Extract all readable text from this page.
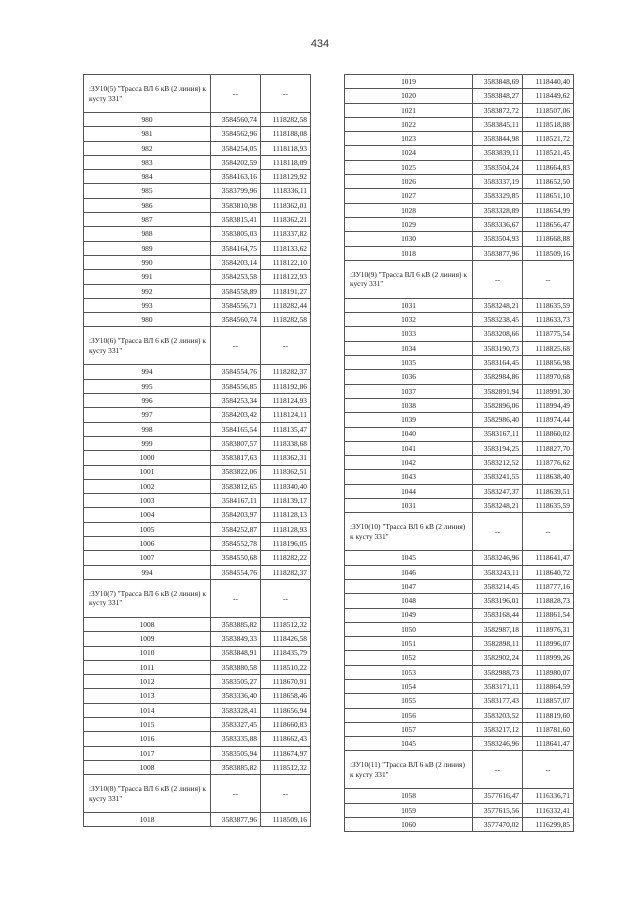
434
:ЗУ10(5) "Трасса ВЛ 6 кВ (2 линия) к кусту 331"	--	--
980	3584560,74	1118282,58
981	3584562,96	1118188,08
982	3584254,05	1118118,93
983	3584202,59	1118118,09
984	3584163,16	1118129,92
985	3583799,96	1118336,11
986	3583810,98	1118362,01
987	3583815,41	1118362,21
988	3583805,03	1118337,82
989	3584164,75	1118133,62
990	3584203,14	1118122,10
991	3584253,58	1118122,93
992	3584558,89	1118191,27
993	3584556,71	1118282,44
980	3584560,74	1118282,58
:ЗУ10(6) "Трасса ВЛ 6 кВ (2 линия) к кусту 331"	--	--
994	3584554,76	1118282,37
995	3584556,85	1118192,86
996	3584253,34	1118124,93
997	3584203,42	1118124,11
998	3584165,54	1118135,47
999	3583807,57	1118338,68
1000	3583817,63	1118362,31
1001	3583822,06	1118362,51
1002	3583812,65	1118340,40
1003	3584167,11	1118139,17
1004	3584203,97	1118128,13
1005	3584252,87	1118128,93
1006	3584552,78	1118196,05
1007	3584550,68	1118282,22
994	3584554,76	1118282,37
:ЗУ10(7) "Трасса ВЛ 6 кВ (2 линия) к кусту 331"	--	--
1008	3583885,82	1118512,32
1009	3583849,33	1118426,58
1010	3583848,91	1118435,79
1011	3583880,58	1118510,22
1012	3583505,27	1118670,91
1013	3583336,40	1118658,46
1014	3583328,41	1118656,94
1015	3583327,45	1118660,83
1016	3583335,88	1118662,43
1017	3583505,94	1118674,97
1008	3583885,82	1118512,32
:ЗУ10(8) "Трасса ВЛ 6 кВ (2 линия) к кусту 331"	--	--
1018	3583877,96	1118509,16
1019	3583848,69	1118440,40
1020	3583848,27	1118449,62
1021	3583872,72	1118507,06
1022	3583845,11	1118518,88
1023	3583844,98	1118521,72
1024	3583839,11	1118521,45
1025	3583504,24	1118664,83
1026	3583337,19	1118652,50
1027	3583329,85	1118651,10
1028	3583328,89	1118654,99
1029	3583336,67	1118656,47
1030	3583504,93	1118668,88
1018	3583877,96	1118509,16
:ЗУ10(9) "Трасса ВЛ 6 кВ (2 линия) к кусту 331"	--	--
1031	3583248,21	1118635,59
1032	3583238,45	1118633,73
1033	3583208,66	1118775,54
1034	3583190,73	1118825,68
1035	3583164,45	1118856,98
1036	3582984,86	1118970,68
1037	3582891,94	1118991,30
1038	3582896,06	1118994,49
1039	3582986,40	1118974,44
1040	3583167,11	1118860,02
1041	3583194,25	1118827,70
1042	3583212,52	1118776,62
1043	3583241,55	1118638,40
1044	3583247,37	1118639,51
1031	3583248,21	1118635,59
:ЗУ10(10) "Трасса ВЛ 6 кВ (2 линия) к кусту 331"	--	--
1045	3583246,96	1118641,47
1046	3583243,11	1118640,72
1047	3583214,45	1118777,16
1048	3583196,01	1118828,73
1049	3583168,44	1118861,54
1050	3582987,18	1118976,31
1051	3582898,11	1118996,07
1052	3582902,24	1118999,26
1053	3582988,73	1118980,07
1054	3583171,11	1118864,59
1055	3583177,43	1118857,07
1056	3583203,52	1118819,60
1057	3583217,12	1118781,60
1045	3583246,96	1118641,47
:ЗУ10(11) "Трасса ВЛ 6 кВ (2 линия) к кусту 331"	--	--
1058	3577616,47	1116336,71
1059	3577615,56	1116332,41
1060	3577470,02	1116299,85
